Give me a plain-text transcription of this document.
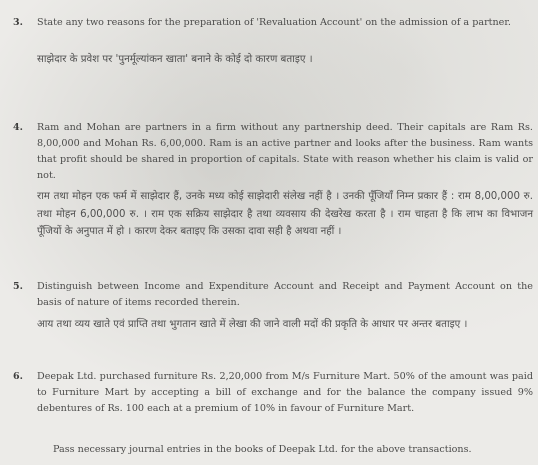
3. State any two reasons for the preparation of 'Revaluation Account' on the admission of a partner.
साझेदार के प्रवेश पर 'पुनर्मूल्यांकन खाता' बनाने के कोई दो कारण बताइए ।
4. Ram and Mohan are partners in a firm without any partnership deed. Their capitals are Ram Rs. 8,00,000 and Mohan Rs. 6,00,000. Ram is an active partner and looks after the business. Ram wants that profit should be shared in proportion of capitals. State with reason whether his claim is valid or not.
राम तथा मोहन एक फर्म में साझेदार हैं, उनके मध्य कोई साझेदारी संलेख नहीं है । उनकी पूँजियाँ निम्न प्रकार हैं : राम 8,00,000 रु. तथा मोहन 6,00,000 रु. । राम एक सक्रिय साझेदार है तथा व्यवसाय की देखरेख करता है । राम चाहता है कि लाभ का विभाजन पूँजियों के अनुपात में हो । कारण देकर बताइए कि उसका दावा सही है अथवा नहीं ।
5. Distinguish between Income and Expenditure Account and Receipt and Payment Account on the basis of nature of items recorded therein.
आय तथा व्यय खाते एवं प्राप्ति तथा भुगतान खाते में लेखा की जाने वाली मदों की प्रकृति के आधार पर अन्तर बताइए ।
6. Deepak Ltd. purchased furniture Rs. 2,20,000 from M/s Furniture Mart. 50% of the amount was paid to Furniture Mart by accepting a bill of exchange and for the balance the company issued 9% debentures of Rs. 100 each at a premium of 10% in favour of Furniture Mart.
Pass necessary journal entries in the books of Deepak Ltd. for the above transactions.
